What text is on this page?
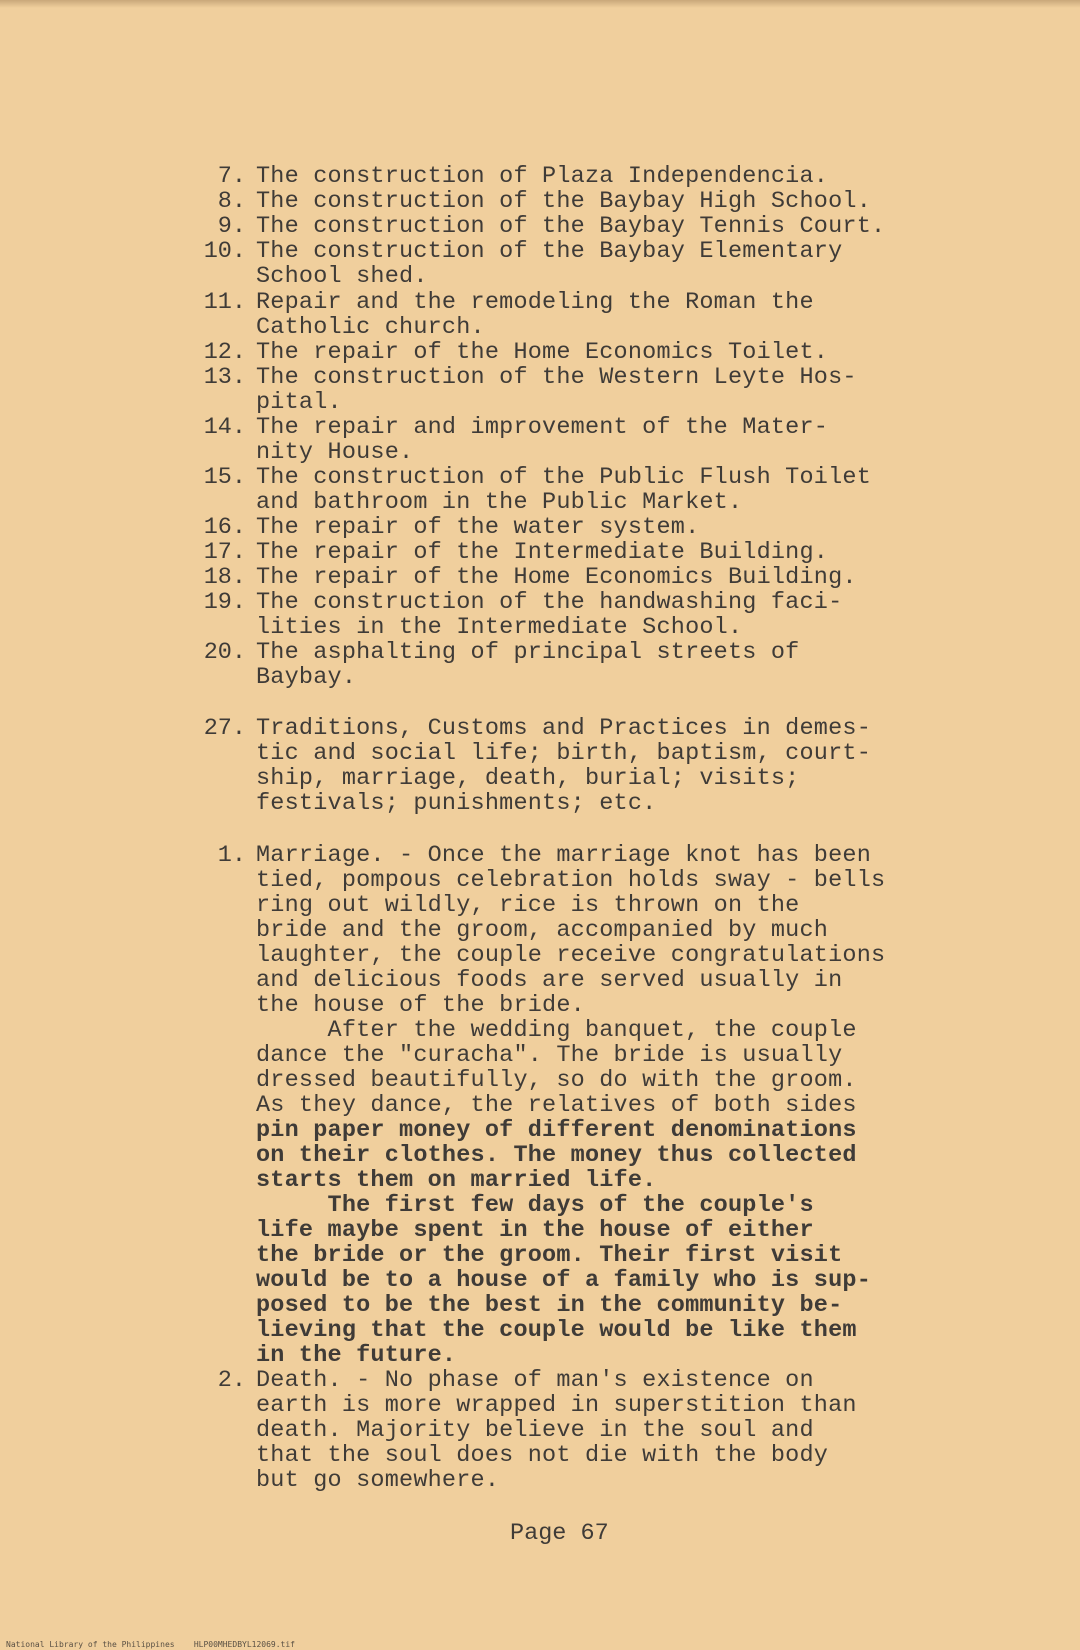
7. The construction of Plaza Independencia.
8. The construction of the Baybay High School.
9. The construction of the Baybay Tennis Court.
10. The construction of the Baybay Elementary
School shed.
11. Repair and the remodeling the Roman the
Catholic church.
12. The repair of the Home Economics Toilet.
13. The construction of the Western Leyte Hos-
pital.
14. The repair and improvement of the Mater-
nity House.
15. The construction of the Public Flush Toilet
and bathroom in the Public Market.
16. The repair of the water system.
17. The repair of the Intermediate Building.
18. The repair of the Home Economics Building.
19. The construction of the handwashing faci-
lities in the Intermediate School.
20. The asphalting of principal streets of
Baybay.
27. Traditions, Customs and Practices in demes-
tic and social life; birth, baptism, court-
ship, marriage, death, burial; visits;
festivals; punishments; etc.
1. Marriage. - Once the marriage knot has been
tied, pompous celebration holds sway - bells
ring out wildly, rice is thrown on the
bride and the groom, accompanied by much
laughter, the couple receive congratulations
and delicious foods are served usually in
the house of the bride.
After the wedding banquet, the couple
dance the "curacha". The bride is usually
dressed beautifully, so do with the groom.
As they dance, the relatives of both sides
pin paper money of different denominations
on their clothes. The money thus collected
starts them on married life.
The first few days of the couple's
life maybe spent in the house of either
the bride or the groom. Their first visit
would be to a house of a family who is sup-
posed to be the best in the community be-
lieving that the couple would be like them
in the future.
2. Death. - No phase of man's existence on
earth is more wrapped in superstition than
death. Majority believe in the soul and
that the soul does not die with the body
but go somewhere.
Page 67
National Library of the Philippines    HLP00MHEDBYL12069.tif
